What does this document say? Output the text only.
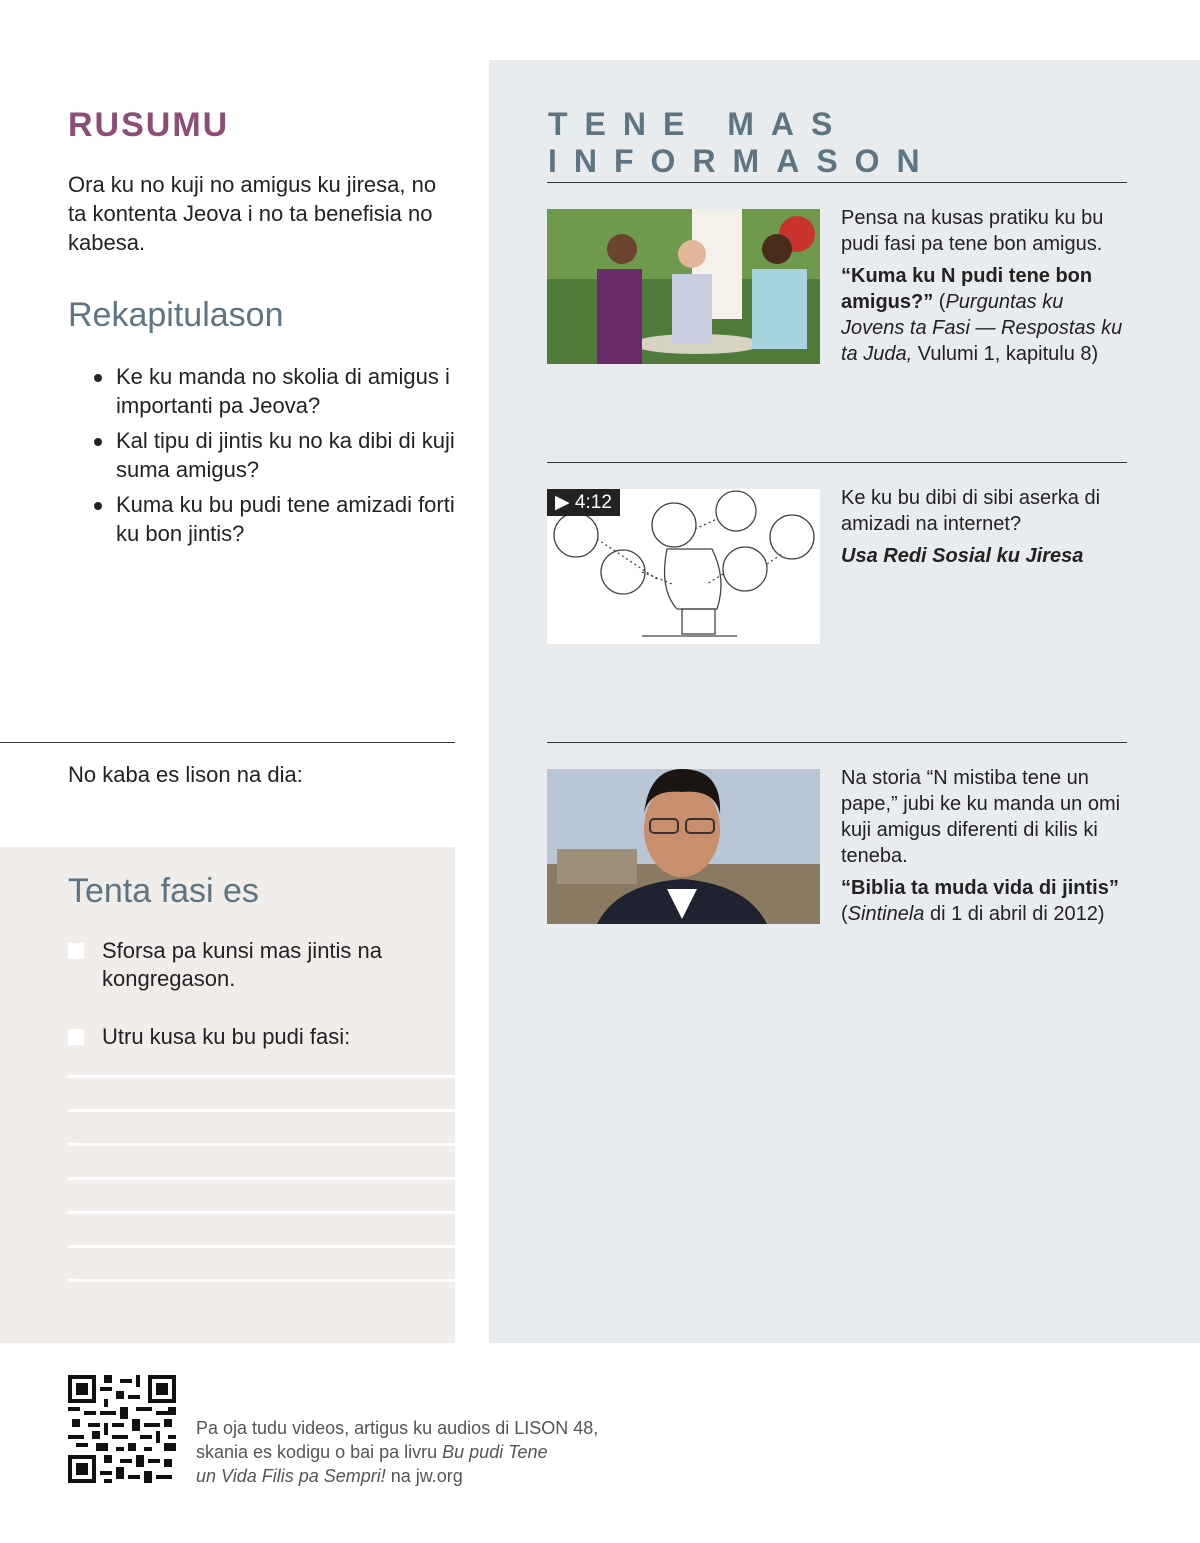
RUSUMU
Ora ku no kuji no amigus ku jiresa, no ta kontenta Jeova i no ta benefisia no kabesa.
Rekapitulason
Ke ku manda no skolia di amigus i importanti pa Jeova?
Kal tipu di jintis ku no ka dibi di kuji suma amigus?
Kuma ku bu pudi tene amizadi forti ku bon jintis?
No kaba es lison na dia:
Tenta fasi es
Sforsa pa kunsi mas jintis na kongregason.
Utru kusa ku bu pudi fasi:
TENE MAS INFORMASON
Pensa na kusas pratiku ku bu pudi fasi pa tene bon amigus.
“Kuma ku N pudi tene bon amigus?” (Purguntas ku Jovens ta Fasi — Respostas ku ta Juda, Vulumi 1, kapitulu 8)
▶ 4:12	Ke ku bu dibi di sibi aserka di amizadi na internet?
Usa Redi Sosial ku Jiresa
Na storia “N mistiba tene un pape,” jubi ke ku manda un omi kuji amigus diferenti di kilis ki teneba.
“Biblia ta muda vida di jintis”
(Sintinela di 1 di abril di 2012)
Pa oja tudu videos, artigus ku audios di LISON 48,
skania es kodigu o bai pa livru Bu pudi Tene
un Vida Filis pa Sempri! na jw.org
